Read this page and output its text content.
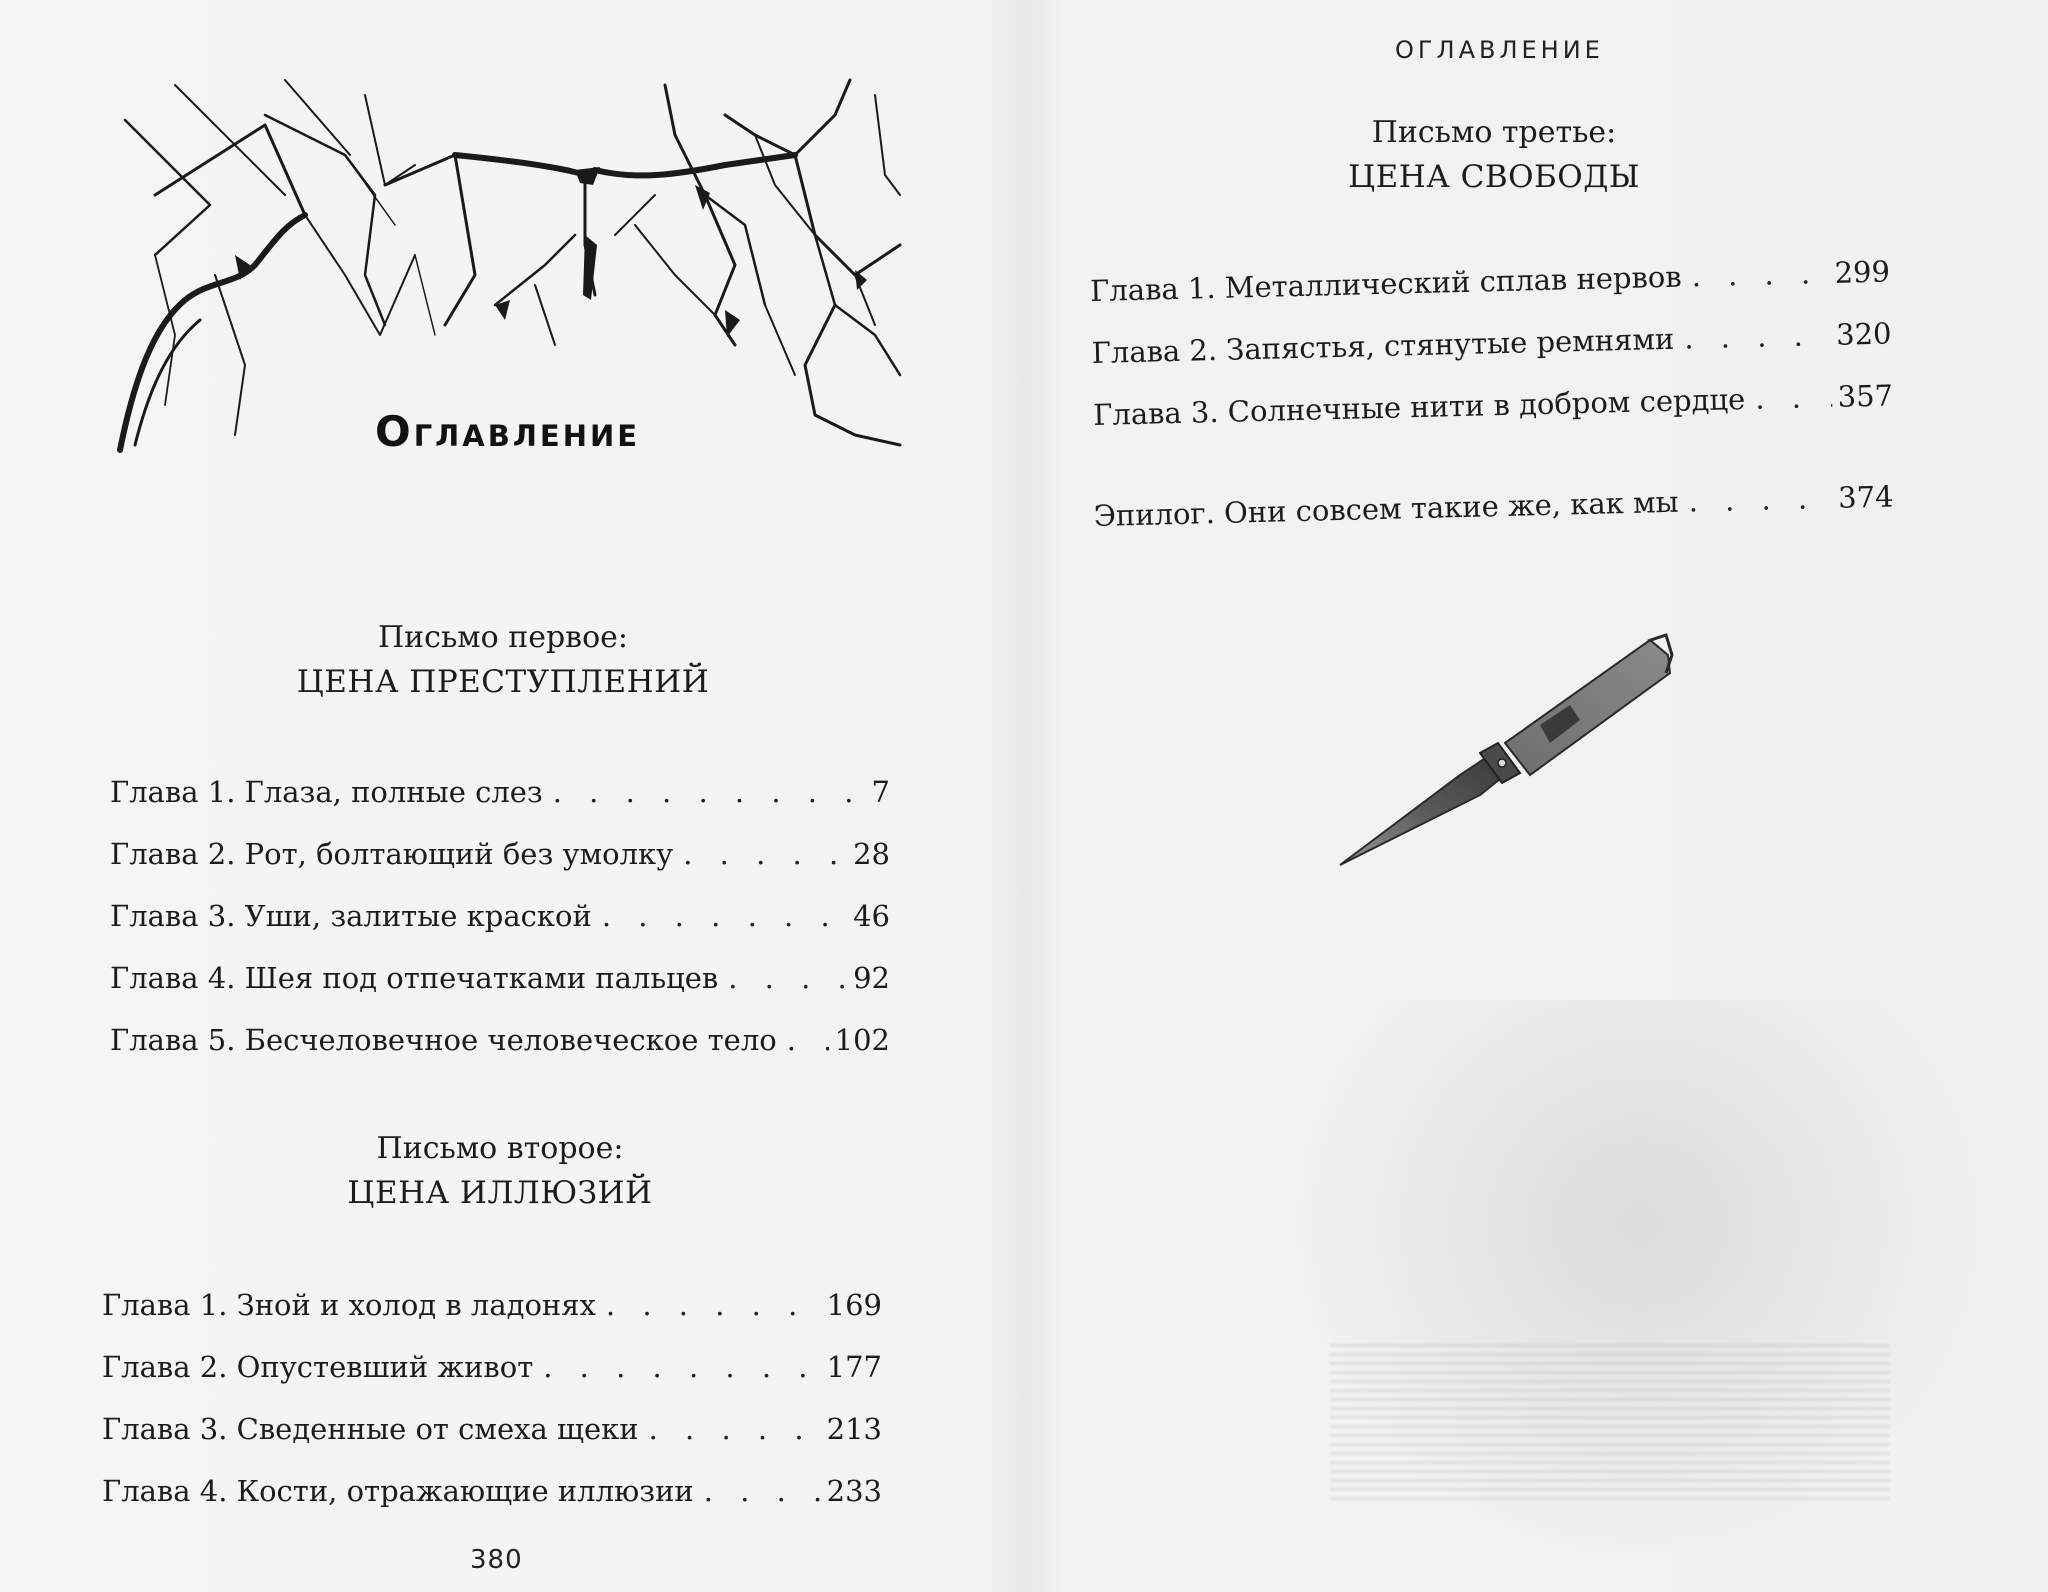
Оглавление
Письмо первое:
ЦЕНА ПРЕСТУПЛЕНИЙ
Глава 1. Глаза, полные слез . . .	7
Глава 2. Рот, болтающий без умолку . . .	28
Глава 3. Уши, залитые краской . . .	46
Глава 4. Шея под отпечатками пальцев . . .	92
Глава 5. Бесчеловечное человеческое тело . . . 102
Письмо второе:
ЦЕНА ИЛЛЮЗИЙ
Глава 1. Зной и холод в ладонях . . .	169
Глава 2. Опустевший живот . . .	177
Глава 3. Сведенные от смеха щеки . . .	213
Глава 4. Кости, отражающие иллюзии . . .	233
380
ОГЛАВЛЕНИЕ
Письмо третье:
ЦЕНА СВОБОДЫ
Глава 1. Металлический сплав нервов . . .	299
Глава 2. Запястья, стянутые ремнями . . .	320
Глава 3. Солнечные нити в добром сердце . . .	357
Эпилог. Они совсем такие же, как мы . . .	374
